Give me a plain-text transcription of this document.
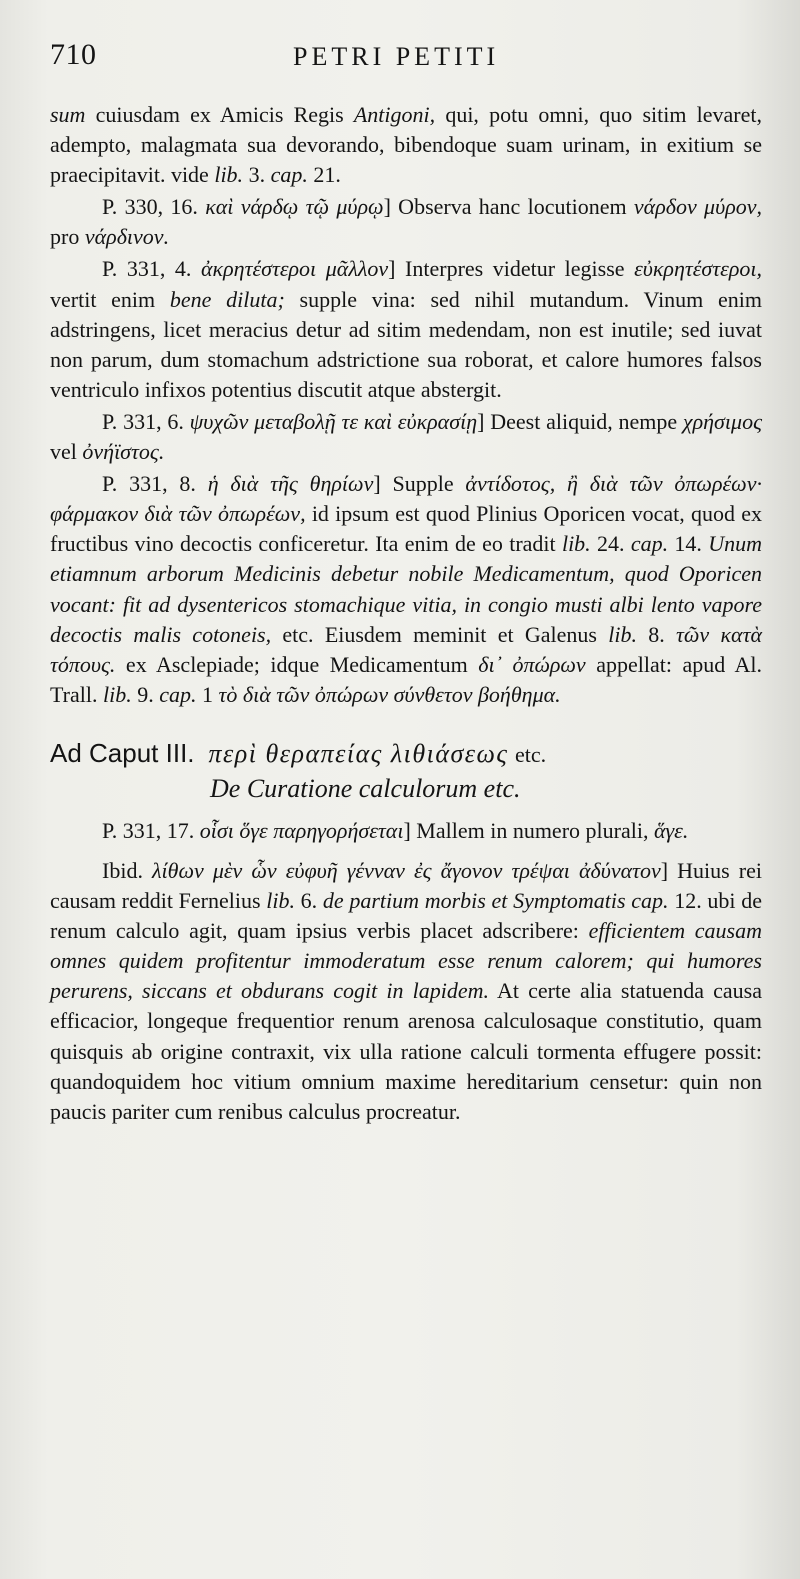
710	PETRI PETITI

sum cuiusdam ex Amicis Regis Antigoni, qui, potu omni, quo sitim levaret, adempto, malagmata sua devorando, bibendoque suam urinam, in exitium se praecipitavit. vide lib. 3. cap. 21.

P. 330, 16. καὶ νάρδῳ τῷ μύρῳ] Observa hanc locutionem νάρδον μύρον, pro νάρδινον.

P. 331, 4. ἀκρητέστεροι μᾶλλον] Interpres videtur legisse εὐκρητέστεροι, vertit enim bene diluta; supple vina: sed nihil mutandum. Vinum enim adstringens, licet meracius detur ad sitim medendam, non est inutile; sed iuvat non parum, dum stomachum adstrictione sua roborat, et calore humores falsos ventriculo infixos potentius discutit atque abstergit.

P. 331, 6. ψυχῶν μεταβολῇ τε καὶ εὐκρασίῃ] Deest aliquid, nempe χρήσιμος vel ὀνήϊστος.

P. 331, 8. ἡ διὰ τῆς θηρίων] Supple ἀντίδοτος, ἢ διὰ τῶν ὀπωρέων· φάρμακον διὰ τῶν ὀπωρέων, id ipsum est quod Plinius Oporicen vocat, quod ex fructibus vino decoctis conficeretur. Ita enim de eo tradit lib. 24. cap. 14. Unum etiamnum arborum Medicinis debetur nobile Medicamentum, quod Oporicen vocant: fit ad dysentericos stomachique vitia, in congio musti albi lento vapore decoctis malis cotoneis, etc. Eiusdem meminit et Galenus lib. 8. τῶν κατὰ τόπους. ex Asclepiade; idque Medicamentum δι᾽ ὀπώρων appellat: apud Al. Trall. lib. 9. cap. 1 τὸ διὰ τῶν ὀπώρων σύνθετον βοήθημα.

Ad Caput III. περὶ θεραπείας λιθιάσεως etc.
De Curatione calculorum etc.

P. 331, 17. οἷσι ὅγε παρηγορήσεται] Mallem in numero plurali, ἅγε.

Ibid. λίθων μὲν ὧν εὐφυῆ γένναν ἐς ἄγονον τρέψαι ἀδύνατον] Huius rei causam reddit Fernelius lib. 6. de partium morbis et Symptomatis cap. 12. ubi de renum calculo agit, quam ipsius verbis placet adscribere: efficientem causam omnes quidem profitentur immoderatum esse renum calorem; qui humores perurens, siccans et obdurans cogit in lapidem. At certe alia statuenda causa efficacior, longeque frequentior renum arenosa calculosaque constitutio, quam quisquis ab origine contraxit, vix ulla ratione calculi tormenta effugere possit: quandoquidem hoc vitium omnium maxime hereditarium censetur: quin non paucis pariter cum renibus calculus procreatur.
